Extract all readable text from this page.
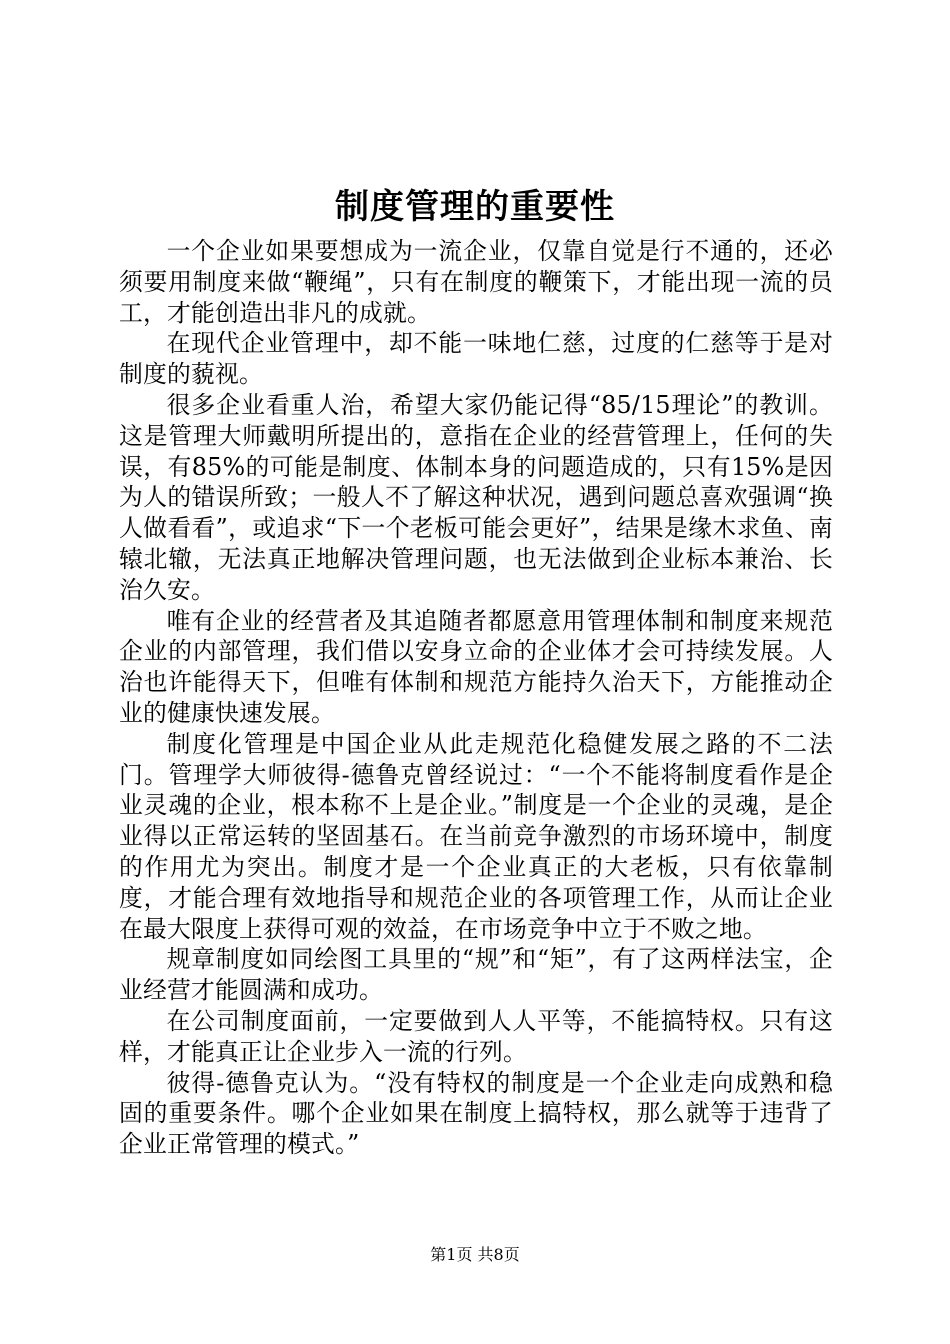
制度管理的重要性

一个企业如果要想成为一流企业，仅靠自觉是行不通的，还必须要用制度来做“鞭绳”，只有在制度的鞭策下，才能出现一流的员工，才能创造出非凡的成就。

在现代企业管理中，却不能一味地仁慈，过度的仁慈等于是对制度的藐视。

很多企业看重人治，希望大家仍能记得“85/15理论”的教训。这是管理大师戴明所提出的，意指在企业的经营管理上，任何的失误，有85%的可能是制度、体制本身的问题造成的，只有15%是因为人的错误所致；一般人不了解这种状况，遇到问题总喜欢强调“换人做看看”，或追求“下一个老板可能会更好”，结果是缘木求鱼、南辕北辙，无法真正地解决管理问题，也无法做到企业标本兼治、长治久安。

唯有企业的经营者及其追随者都愿意用管理体制和制度来规范企业的内部管理，我们借以安身立命的企业体才会可持续发展。人治也许能得天下，但唯有体制和规范方能持久治天下，方能推动企业的健康快速发展。

制度化管理是中国企业从此走规范化稳健发展之路的不二法门。管理学大师彼得-德鲁克曾经说过：“一个不能将制度看作是企业灵魂的企业，根本称不上是企业。”制度是一个企业的灵魂，是企业得以正常运转的坚固基石。在当前竞争激烈的市场环境中，制度的作用尤为突出。制度才是一个企业真正的大老板，只有依靠制度，才能合理有效地指导和规范企业的各项管理工作，从而让企业在最大限度上获得可观的效益，在市场竞争中立于不败之地。

规章制度如同绘图工具里的“规”和“矩”，有了这两样法宝，企业经营才能圆满和成功。

在公司制度面前，一定要做到人人平等，不能搞特权。只有这样，才能真正让企业步入一流的行列。

彼得-德鲁克认为。“没有特权的制度是一个企业走向成熟和稳固的重要条件。哪个企业如果在制度上搞特权，那么就等于违背了企业正常管理的模式。”

第1页 共8页
